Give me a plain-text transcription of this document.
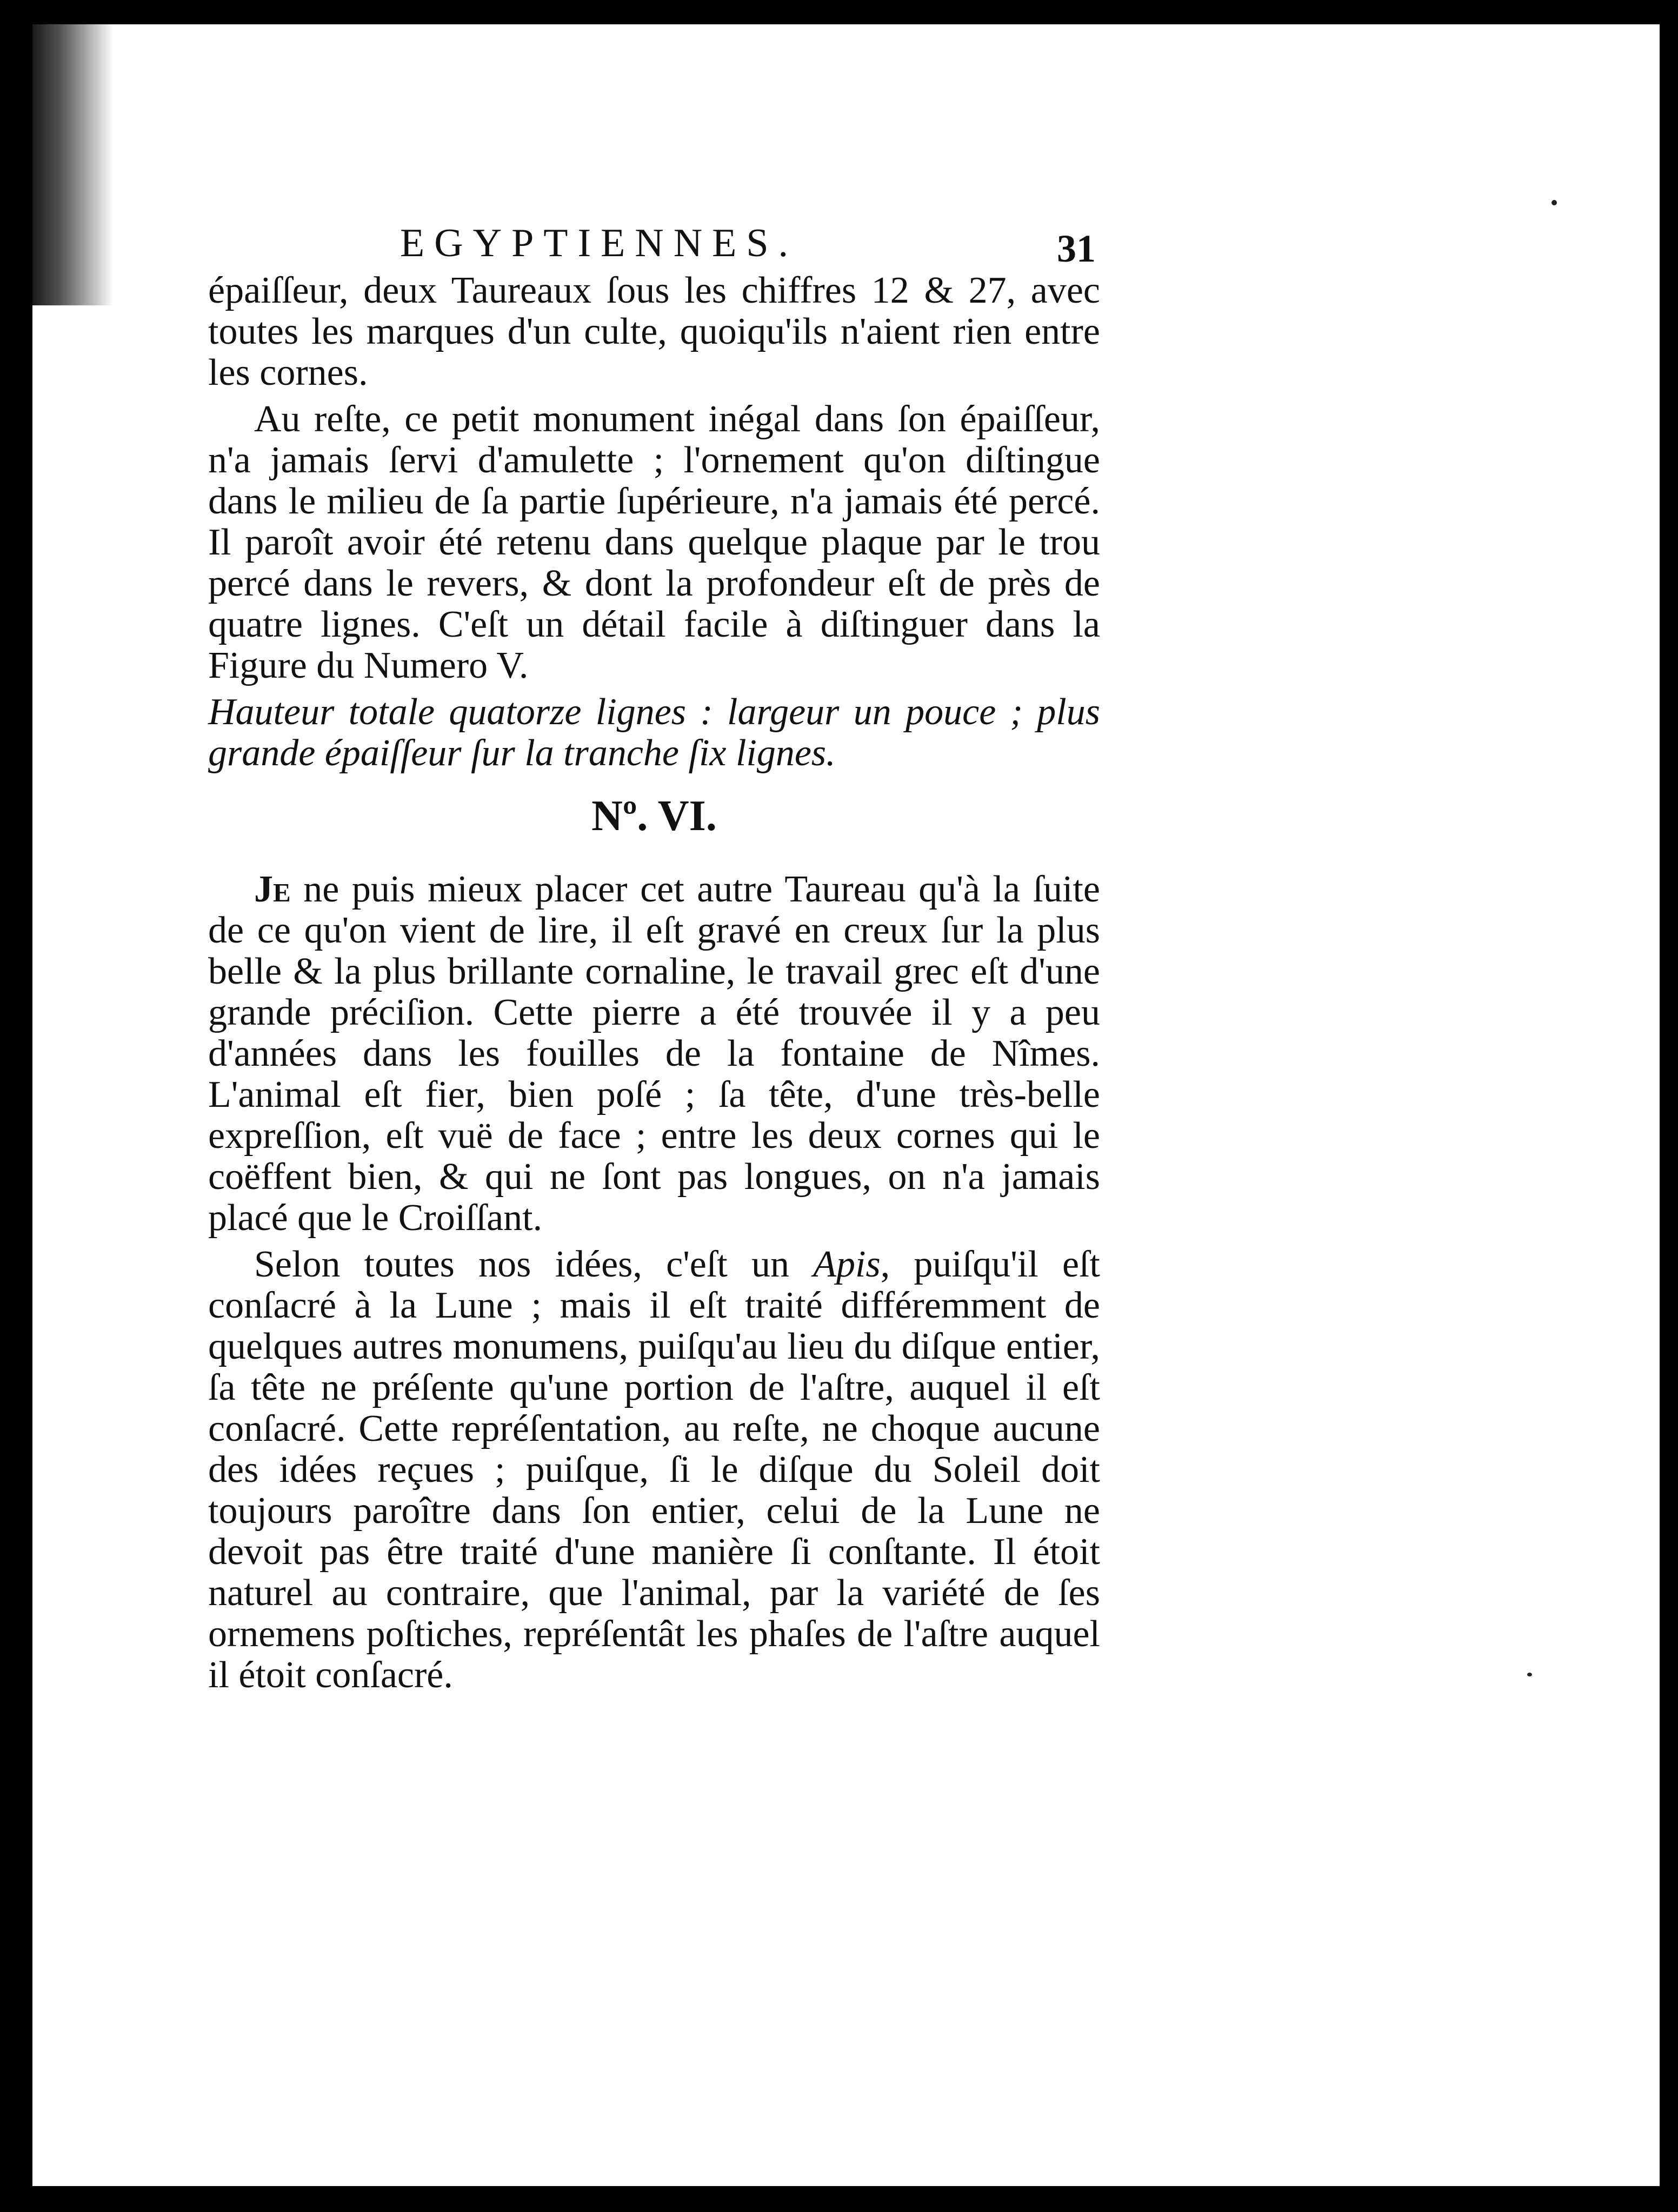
EGYPTIENNES.	31

épaiſſeur, deux Taureaux ſous les chiffres 12 & 27, avec toutes les marques d'un culte, quoiqu'ils n'aient rien entre les cornes.

Au reſte, ce petit monument inégal dans ſon épaiſſeur, n'a jamais ſervi d'amulette ; l'ornement qu'on diſtingue dans le milieu de ſa partie ſupérieure, n'a jamais été percé. Il paroît avoir été retenu dans quelque plaque par le trou percé dans le revers, & dont la profondeur eſt de près de quatre lignes. C'eſt un détail facile à diſtinguer dans la Figure du Numero V.

Hauteur totale quatorze lignes : largeur un pouce ; plus grande épaiſſeur ſur la tranche ſix lignes.

Nº. VI.

Je ne puis mieux placer cet autre Taureau qu'à la ſuite de ce qu'on vient de lire, il eſt gravé en creux ſur la plus belle & la plus brillante cornaline, le travail grec eſt d'une grande préciſion. Cette pierre a été trouvée il y a peu d'années dans les fouilles de la fontaine de Nîmes. L'animal eſt fier, bien poſé ; ſa tête, d'une très-belle expreſſion, eſt vuë de face ; entre les deux cornes qui le coëffent bien, & qui ne ſont pas longues, on n'a jamais placé que le Croiſſant.

Selon toutes nos idées, c'eſt un Apis, puiſqu'il eſt conſacré à la Lune ; mais il eſt traité différemment de quelques autres monumens, puiſqu'au lieu du diſque entier, ſa tête ne préſente qu'une portion de l'aſtre, auquel il eſt conſacré. Cette repréſentation, au reſte, ne choque aucune des idées reçues ; puiſque, ſi le diſque du Soleil doit toujours paroître dans ſon entier, celui de la Lune ne devoit pas être traité d'une manière ſi conſtante. Il étoit naturel au contraire, que l'animal, par la variété de ſes ornemens poſtiches, repréſentât les phaſes de l'aſtre auquel il étoit conſacré.
